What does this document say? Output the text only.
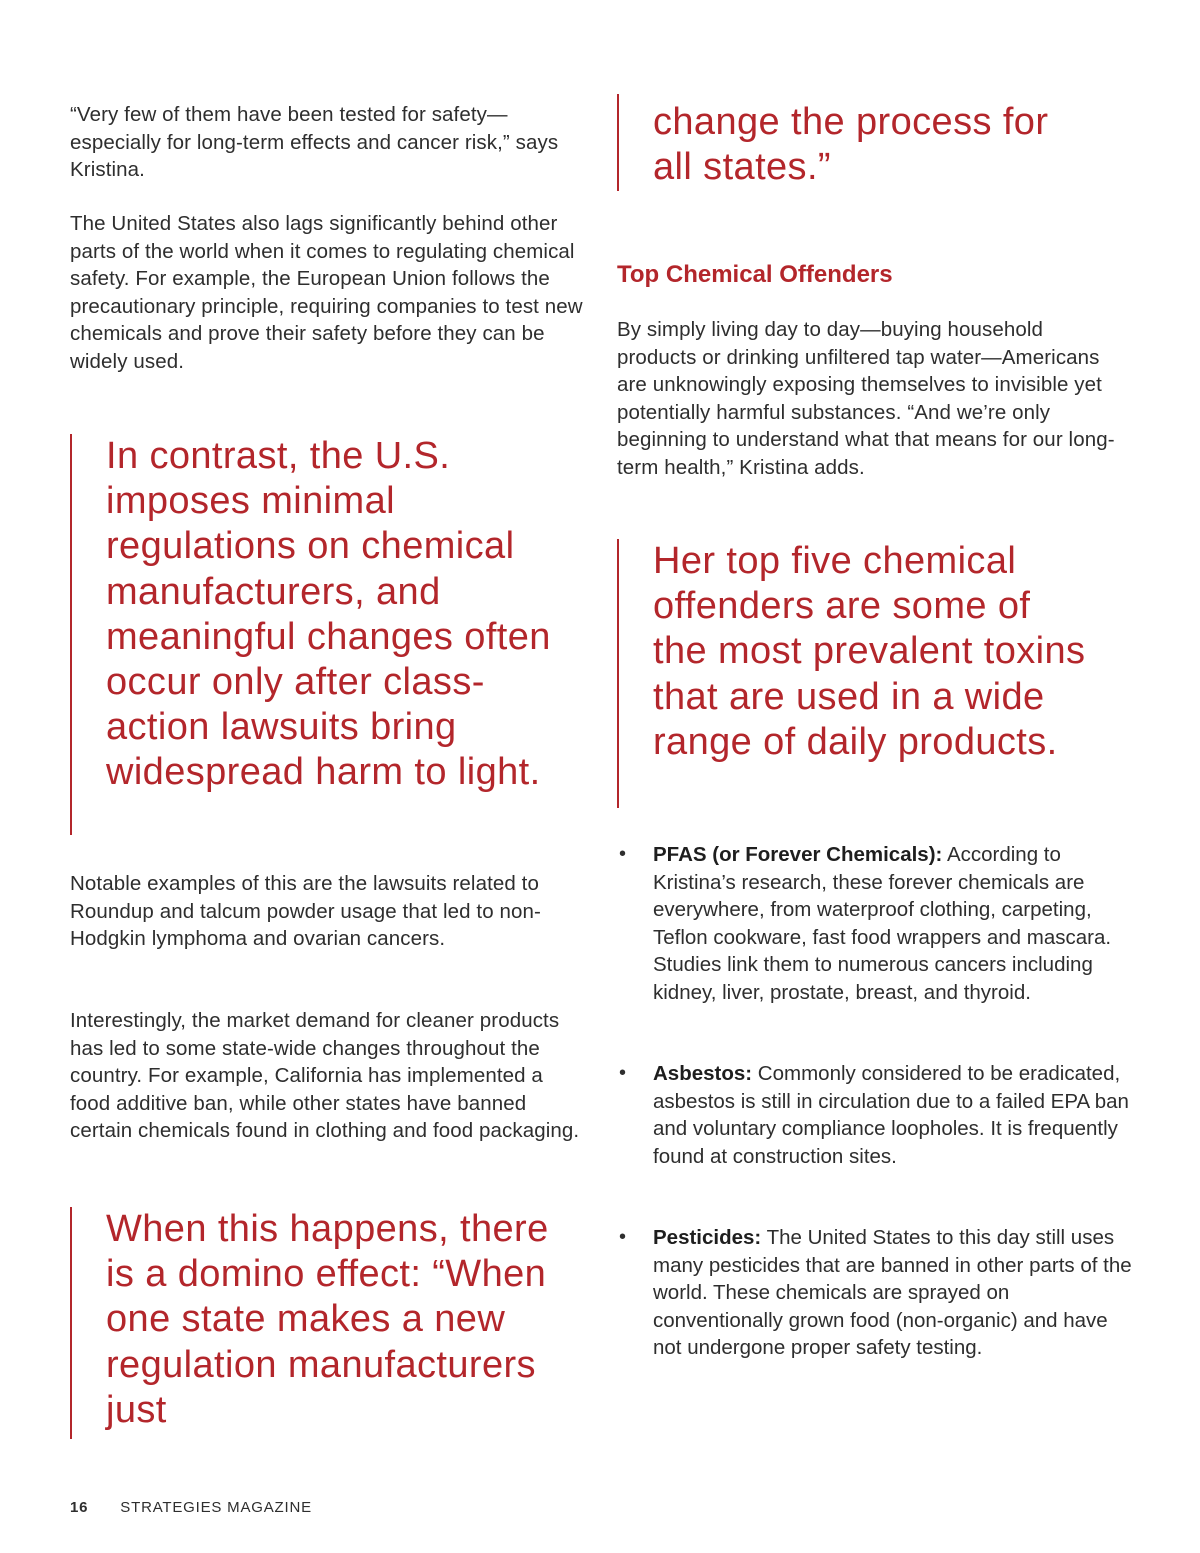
“Very few of them have been tested for safety—especially for long-term effects and cancer risk,” says Kristina.

The United States also lags significantly behind other parts of the world when it comes to regulating chemical safety. For example, the European Union follows the precautionary principle, requiring companies to test new chemicals and prove their safety before they can be widely used.

In contrast, the U.S. imposes minimal regulations on chemical manufacturers, and meaningful changes often occur only after class-action lawsuits bring widespread harm to light.

Notable examples of this are the lawsuits related to Roundup and talcum powder usage that led to non-Hodgkin lymphoma and ovarian cancers.

Interestingly, the market demand for cleaner products has led to some state-wide changes throughout the country. For example, California has implemented a food additive ban, while other states have banned certain chemicals found in clothing and food packaging.

When this happens, there is a domino effect: “When one state makes a new regulation manufacturers just

change the process for all states.”

Top Chemical Offenders

By simply living day to day—buying household products or drinking unfiltered tap water—Americans are unknowingly exposing themselves to invisible yet potentially harmful substances. “And we’re only beginning to understand what that means for our long-term health,” Kristina adds.

Her top five chemical offenders are some of the most prevalent toxins that are used in a wide range of daily products.

• PFAS (or Forever Chemicals): According to Kristina’s research, these forever chemicals are everywhere, from waterproof clothing, carpeting, Teflon cookware, fast food wrappers and mascara. Studies link them to numerous cancers including kidney, liver, prostate, breast, and thyroid.

• Asbestos: Commonly considered to be eradicated, asbestos is still in circulation due to a failed EPA ban and voluntary compliance loopholes. It is frequently found at construction sites.

• Pesticides: The United States to this day still uses many pesticides that are banned in other parts of the world. These chemicals are sprayed on conventionally grown food (non-organic) and have not undergone proper safety testing.

16 STRATEGIES MAGAZINE
